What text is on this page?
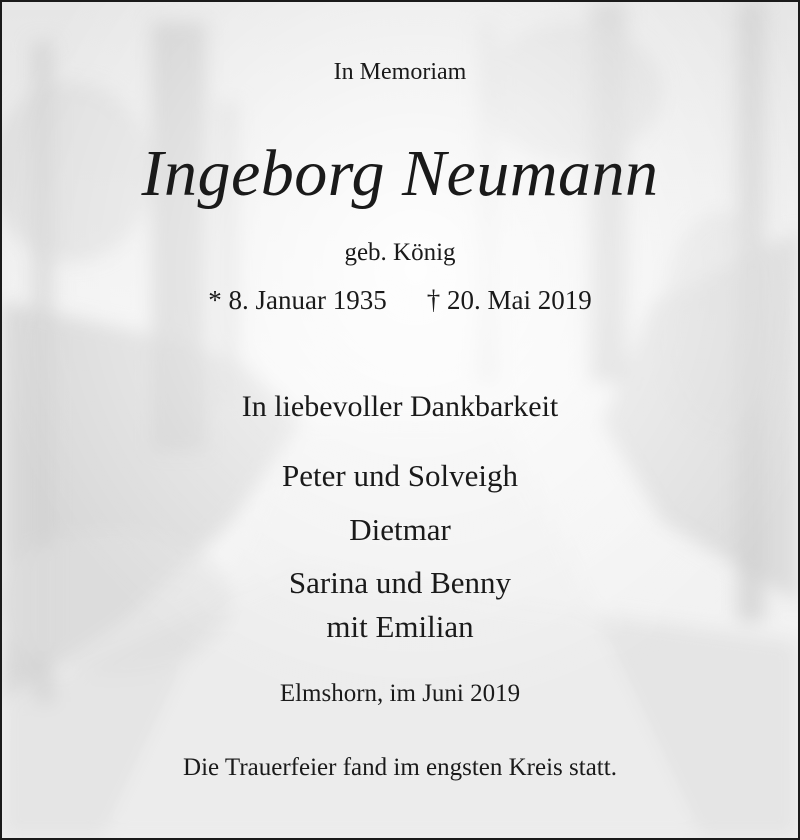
In Memoriam
Ingeborg Neumann
geb. König
* 8. Januar 1935 † 20. Mai 2019
In liebevoller Dankbarkeit
Peter und Solveigh
Dietmar
Sarina und Benny
mit Emilian
Elmshorn, im Juni 2019
Die Trauerfeier fand im engsten Kreis statt.
